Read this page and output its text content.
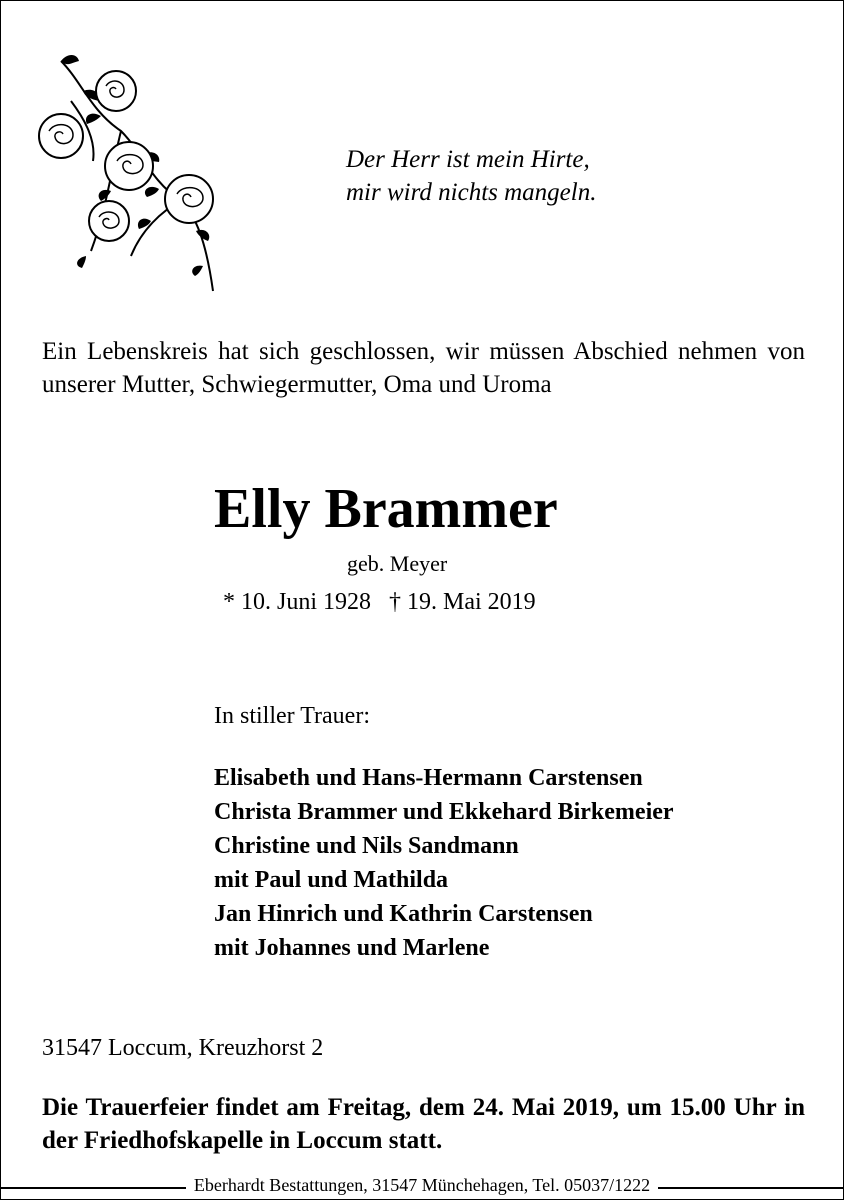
Der Herr ist mein Hirte,
mir wird nichts mangeln.
Ein Lebenskreis hat sich geschlossen, wir müssen Abschied nehmen von unserer Mutter, Schwiegermutter, Oma und Uroma
Elly Brammer
geb. Meyer
* 10. Juni 1928   † 19. Mai 2019
In stiller Trauer:
Elisabeth und Hans-Hermann Carstensen
Christa Brammer und Ekkehard Birkemeier
Christine und Nils Sandmann
mit Paul und Mathilda
Jan Hinrich und Kathrin Carstensen
mit Johannes und Marlene
31547 Loccum, Kreuzhorst 2
Die Trauerfeier findet am Freitag, dem 24. Mai 2019, um 15.00 Uhr in der Friedhofskapelle in Loccum statt.
Eberhardt Bestattungen, 31547 Münchehagen, Tel. 05037/1222
